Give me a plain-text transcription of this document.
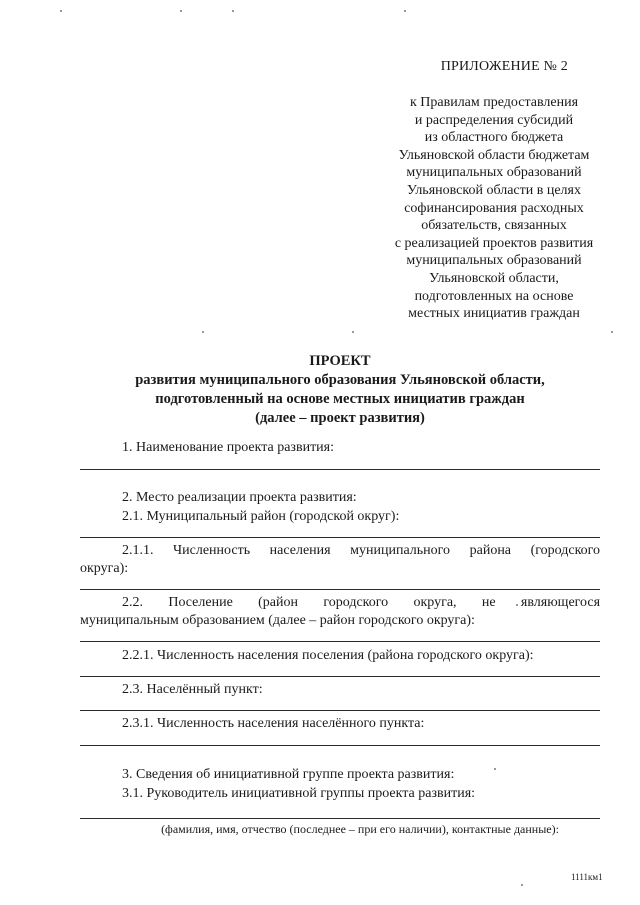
ПРИЛОЖЕНИЕ № 2
к Правилам предоставления
и распределения субсидий
из областного бюджета
Ульяновской области бюджетам
муниципальных образований
Ульяновской области в целях
софинансирования расходных
обязательств, связанных
с реализацией проектов развития
муниципальных образований
Ульяновской области,
подготовленных на основе
местных инициатив граждан
ПРОЕКТ
развития муниципального образования Ульяновской области,
подготовленный на основе местных инициатив граждан
(далее – проект развития)
1. Наименование проекта развития:
2. Место реализации проекта развития:
2.1. Муниципальный район (городской округ):
2.1.1. Численность населения муниципального района (городского
округа):
2.2. Поселение (район городского округа, не являющегося
муниципальным образованием (далее – район городского округа):
2.2.1. Численность населения поселения (района городского округа):
2.3. Населённый пункт:
2.3.1. Численность населения населённого пункта:
3. Сведения об инициативной группе проекта развития:
3.1. Руководитель инициативной группы проекта развития:
(фамилия, имя, отчество (последнее – при его наличии), контактные данные):
1111км1
